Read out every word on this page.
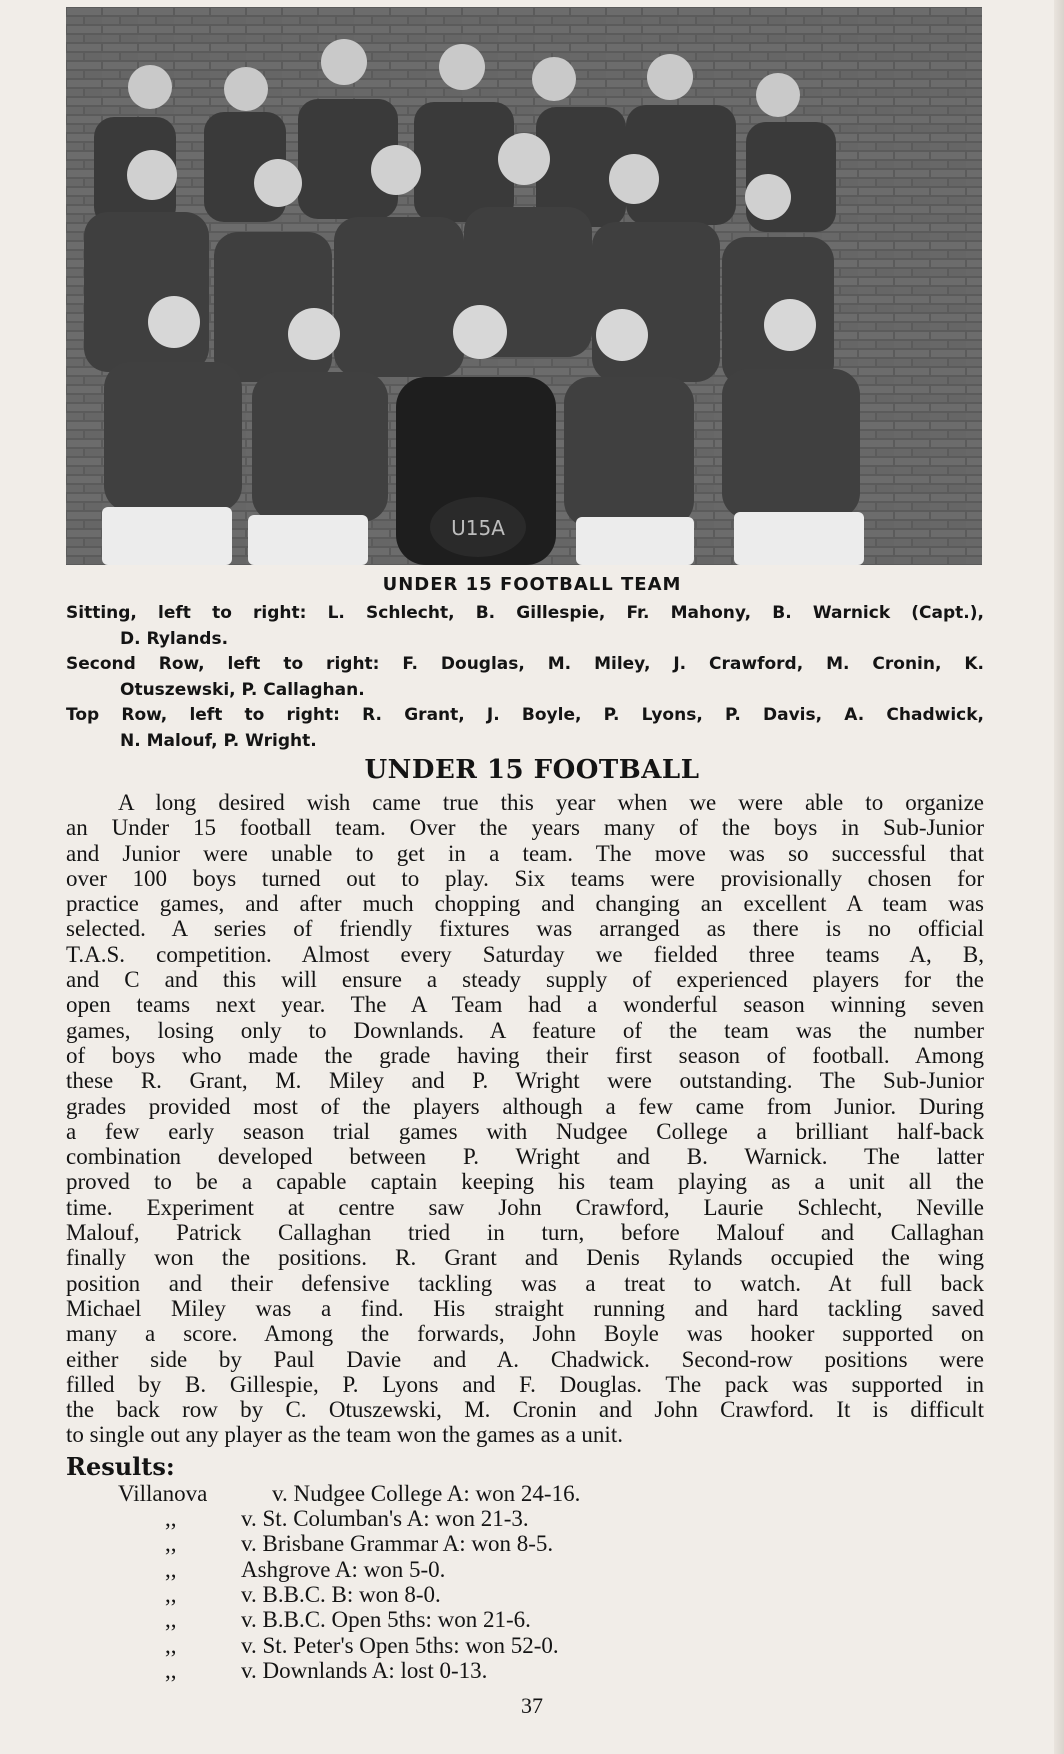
U15A
UNDER 15 FOOTBALL TEAM
Sitting, left to right: L. Schlecht, B. Gillespie, Fr. Mahony, B. Warnick (Capt.),
D. Rylands.
Second Row, left to right: F. Douglas, M. Miley, J. Crawford, M. Cronin, K.
Otuszewski, P. Callaghan.
Top Row, left to right: R. Grant, J. Boyle, P. Lyons, P. Davis, A. Chadwick,
N. Malouf, P. Wright.
UNDER 15 FOOTBALL
A long desired wish came true this year when we were able to organize
an Under 15 football team. Over the years many of the boys in Sub-Junior
and Junior were unable to get in a team. The move was so successful that
over 100 boys turned out to play. Six teams were provisionally chosen for
practice games, and after much chopping and changing an excellent A team was
selected. A series of friendly fixtures was arranged as there is no official
T.A.S. competition. Almost every Saturday we fielded three teams A, B,
and C and this will ensure a steady supply of experienced players for the
open teams next year. The A Team had a wonderful season winning seven
games, losing only to Downlands. A feature of the team was the number
of boys who made the grade having their first season of football. Among
these R. Grant, M. Miley and P. Wright were outstanding. The Sub-Junior
grades provided most of the players although a few came from Junior. During
a few early season trial games with Nudgee College a brilliant half-back
combination developed between P. Wright and B. Warnick. The latter
proved to be a capable captain keeping his team playing as a unit all the
time. Experiment at centre saw John Crawford, Laurie Schlecht, Neville
Malouf, Patrick Callaghan tried in turn, before Malouf and Callaghan
finally won the positions. R. Grant and Denis Rylands occupied the wing
position and their defensive tackling was a treat to watch. At full back
Michael Miley was a find. His straight running and hard tackling saved
many a score. Among the forwards, John Boyle was hooker supported on
either side by Paul Davie and A. Chadwick. Second-row positions were
filled by B. Gillespie, P. Lyons and F. Douglas. The pack was supported in
the back row by C. Otuszewski, M. Cronin and John Crawford. It is difficult
to single out any player as the team won the games as a unit.
Results:
Villanova	v. Nudgee College A: won 24-16.
,,	v. St. Columban's A: won 21-3.
,,	v. Brisbane Grammar A: won 8-5.
,,	Ashgrove A: won 5-0.
,,	v. B.B.C. B: won 8-0.
,,	v. B.B.C. Open 5ths: won 21-6.
,,	v. St. Peter's Open 5ths: won 52-0.
,,	v. Downlands A: lost 0-13.
37
